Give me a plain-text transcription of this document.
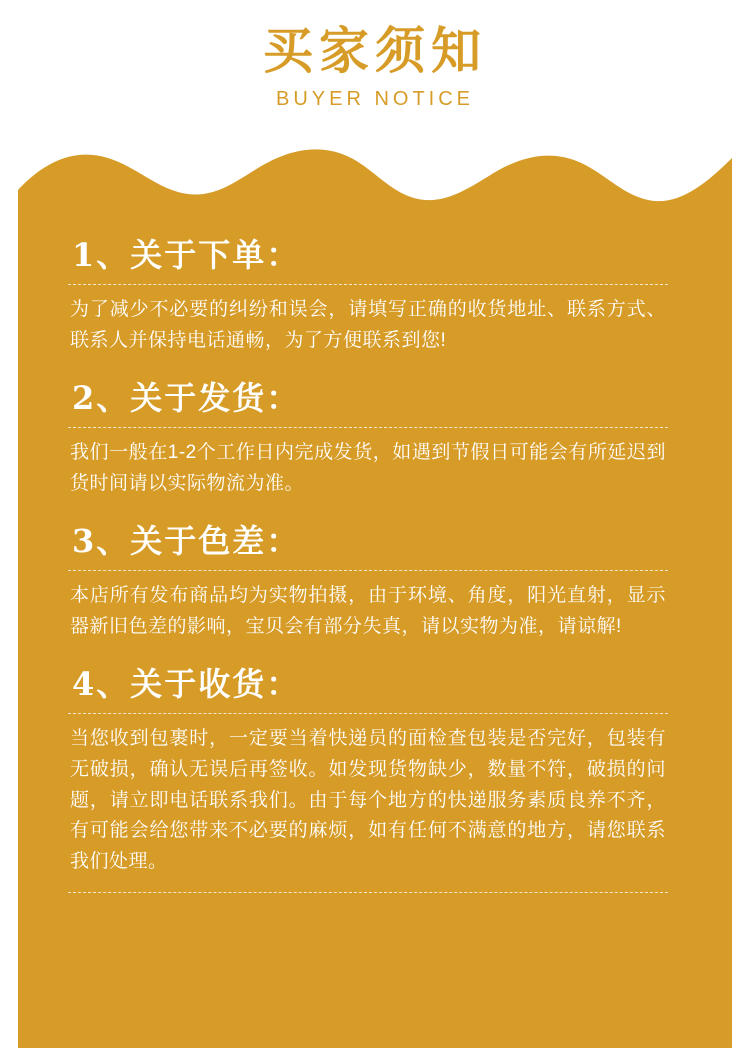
买家须知

BUYER NOTICE

1、关于下单：

为了减少不必要的纠纷和误会，请填写正确的收货地址、联系方式、联系人并保持电话通畅，为了方便联系到您!

2、关于发货：

我们一般在1-2个工作日内完成发货，如遇到节假日可能会有所延迟到货时间请以实际物流为准。

3、关于色差：

本店所有发布商品均为实物拍摄，由于环境、角度，阳光直射，显示器新旧色差的影响，宝贝会有部分失真，请以实物为准，请谅解!

4、关于收货：

当您收到包裹时，一定要当着快递员的面检查包装是否完好，包装有无破损，确认无误后再签收。如发现货物缺少，数量不符，破损的问题，请立即电话联系我们。由于每个地方的快递服务素质良养不齐，有可能会给您带来不必要的麻烦，如有任何不满意的地方，请您联系我们处理。
